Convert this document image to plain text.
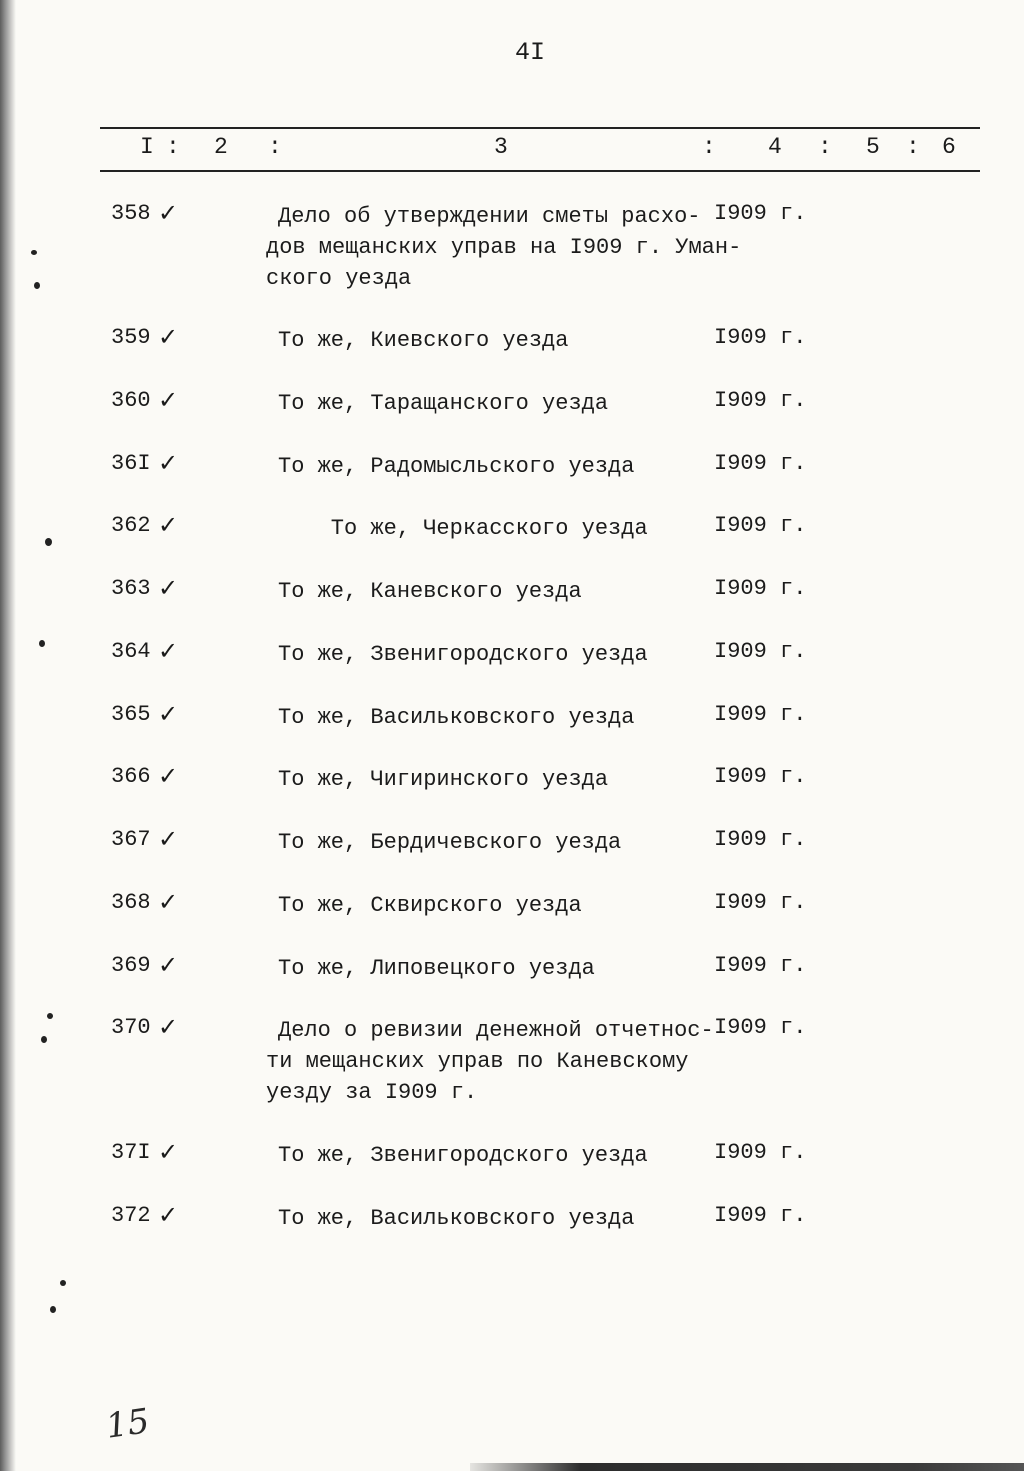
4I
I : 2 :	3	: 4 : 5 : 6
358 ✓	Дело об утверждении сметы расхо-
дов мещанских управ на I909 г. Уман-
ского уезда
I909 г.
359 ✓	То же, Киевского уезда	I909 г.
360 ✓	То же, Таращанского уезда	I909 г.
36I ✓	То же, Радомысльского уезда	I909 г.
362 ✓	То же, Черкасского уезда	I909 г.
363 ✓	То же, Каневского уезда	I909 г.
364 ✓	То же, Звенигородского уезда	I909 г.
365 ✓	То же, Васильковского уезда	I909 г.
366 ✓	То же, Чигиринского уезда	I909 г.
367 ✓	То же, Бердичевского уезда	I909 г.
368 ✓	То же, Сквирского уезда	I909 г.
369 ✓	То же, Липовецкого уезда	I909 г.
370 ✓	Дело о ревизии денежной отчетнос-
ти мещанских управ по Каневскому
уезду за I909 г.
I909 г.
37I ✓	То же, Звенигородского уезда	I909 г.
372 ✓	То же, Васильковского уезда	I909 г.
15
